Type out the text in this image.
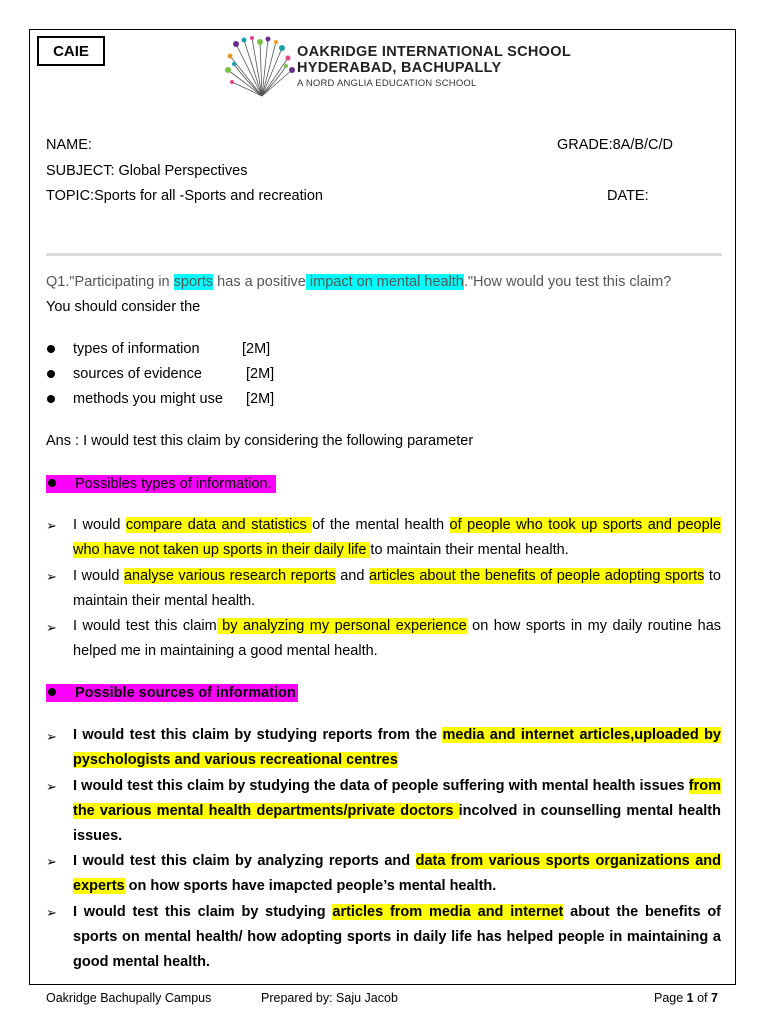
CAIE	OAKRIDGE INTERNATIONAL SCHOOL
HYDERABAD, BACHUPALLY
A NORD ANGLIA EDUCATION SCHOOL
NAME:	GRADE:8A/B/C/D
SUBJECT: Global Perspectives
TOPIC:Sports for all -Sports and recreation	DATE:
Q1."Participating in sports has a positive impact on mental health."How would you test this claim?
You should consider the
types of information	[2M]
sources of evidence	[2M]
methods you might use [2M]
Ans : I would test this claim by considering the following parameter
Possibles types of information.
➢ I would compare data and statistics of the mental health of people who took up sports and people who have not taken up sports in their daily life to maintain their mental health.
➢ I would analyse various research reports and articles about the benefits of people adopting sports to maintain their mental health.
➢ I would test this claim by analyzing my personal experience on how sports in my daily routine has helped me in maintaining a good mental health.
Possible sources of information
➢ I would test this claim by studying reports from the media and internet articles,uploaded by pyschologists and various recreational centres
➢ I would test this claim by studying the data of people suffering with mental health issues from the various mental health departments/private doctors incolved in counselling mental health issues.
➢ I would test this claim by analyzing reports and data from various sports organizations and experts on how sports have imapcted people’s mental health.
➢ I would test this claim by studying articles from media and internet about the benefits of sports on mental health/ how adopting sports in daily life has helped people in maintaining a good mental health.
Oakridge Bachupally Campus	Prepared by: Saju Jacob	Page 1 of 7
